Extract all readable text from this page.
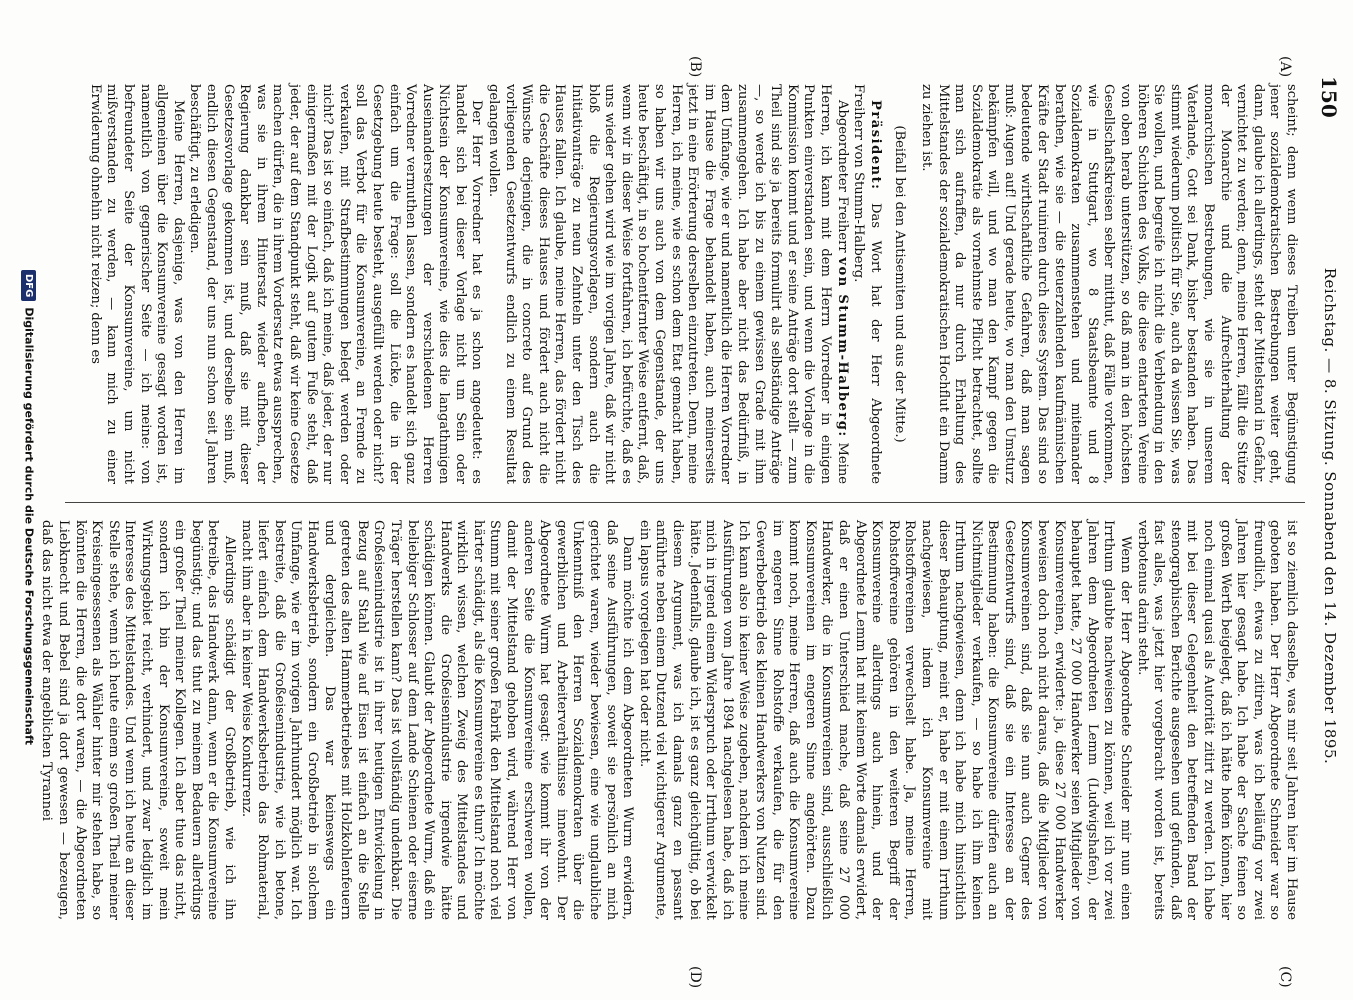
150
Reichstag. — 8. Sitzung. Sonnabend den 14. Dezember 1895.
(A)
(B)
(C)
(D)

scheint; denn wenn dieses Treiben unter Begünstigung jener sozialdemokratischen Bestrebungen weiter geht, dann, glaube ich allerdings, steht der Mittelstand in Gefahr, vernichtet zu werden; denn, meine Herren, fällt die Stütze der Monarchie und die Aufrechterhaltung der monarchischen Bestrebungen, wie sie in unserem Vaterlande, Gott sei Dank, bisher bestanden haben. Das stimmt wiederum politisch für Sie, auch da wissen Sie, was Sie wollen, und begreife ich nicht die Verblendung in den höheren Schichten des Volks, die diese entarteten Vereine von oben herab unterstützen, so daß man in den höchsten Gesellschaftskreisen selber mitthut, daß Fälle vorkommen, wie in Stuttgart, wo 8 Staatsbeamte und 8 Sozialdemokraten zusammenstehen und miteinander berathen, wie sie — die steuerzahlenden kaufmännischen Kräfte der Stadt ruiniren durch dieses System. Das sind so bedeutende wirthschaftliche Gefahren, daß man sagen muß: Augen auf! Und gerade heute, wo man den Umsturz bekämpfen will, und wo man den Kampf gegen die Sozialdemokratie als vornehmste Pflicht betrachtet, sollte man sich aufraffen, da nur durch Erhaltung des Mittelstandes der sozialdemokratischen Hochflut ein Damm zu ziehen ist.

(Beifall bei den Antisemiten und aus der Mitte.)

Präsident: Das Wort hat der Herr Abgeordnete Freiherr von Stumm-Halberg.

Abgeordneter Freiherr von Stumm-Halberg: Meine Herren, ich kann mit dem Herrn Vorredner in einigen Punkten einverstanden sein, und wenn die Vorlage in die Kommission kommt und er seine Anträge dort stellt — zum Theil sind sie ja bereits formulirt als selbständige Anträge —, so werde ich bis zu einem gewissen Grade mit ihm zusammengehen. Ich habe aber nicht das Bedürfniß, in dem Umfange, wie er und namentlich die Herren Vorredner im Hause die Frage behandelt haben, auch meinerseits jetzt in eine Erörterung derselben einzutreten. Denn, meine Herren, ich meine, wie es schon dem Etat gemacht haben, so haben wir uns auch von dem Gegenstande, der uns heute beschäftigt, in so hochentfernter Weise entfernt, daß, wenn wir in dieser Weise fortfahren, ich befürchte, daß es uns wieder gehen wird wie im vorigen Jahre, daß wir nicht bloß die Regierungsvorlagen, sondern auch die Initiativanträge zu neun Zehnteln unter den Tisch des Hauses fallen. Ich glaube, meine Herren, das fördert nicht die Geschäfte dieses Hauses und fördert auch nicht die Wünsche derjenigen, die in concreto auf Grund des vorliegenden Gesetzentwurfs endlich zu einem Resultat gelangen wollen.

Der Herr Vorredner hat es ja schon angedeutet: es handelt sich bei dieser Vorlage nicht um Sein oder Nichtsein der Konsumvereine, wie dies die langathmigen Auseinandersetzungen der verschiedenen Herren Vorredner vermuthen lassen, sondern es handelt sich ganz einfach um die Frage: soll die Lücke, die in der Gesetzgebung heute besteht, ausgefüllt werden oder nicht? soll das Verbot für die Konsumvereine, an Fremde zu verkaufen, mit Strafbestimmungen belegt werden oder nicht? Das ist so einfach, daß ich meine, daß jeder, der nur einigermaßen mit der Logik auf gutem Fuße steht, daß jeder, der auf dem Standpunkt steht, daß wir keine Gesetze machen dürfen, die in ihrem Vordersatz etwas aussprechen, was sie in ihrem Hintersatz wieder aufheben, der Regierung dankbar sein muß, daß sie mit dieser Gesetzesvorlage gekommen ist, und derselbe sein muß, endlich diesen Gegenstand, der uns nun schon seit Jahren beschäftigt, zu erledigen.

Meine Herren, dasjenige, was von den Herren im allgemeinen über die Konsumvereine gesagt worden ist, namentlich von gegnerischer Seite — ich meine: von befreundeter Seite der Konsumvereine, um nicht mißverstanden zu werden, — kann mich zu einer Erwiderung ohnehin nicht reizen; denn es

ist so ziemlich dasselbe, was mir seit Jahren hier im Hause geboten haben. Der Herr Abgeordnete Schneider war so freundlich, etwas zu zitiren, was ich beiläufig vor zwei Jahren hier gesagt habe. Ich habe der Sache feinen so großen Werth beigelegt, daß ich hätte hoffen können, hier noch einmal quasi als Autorität zitirt zu werden. Ich habe mit bei dieser Gelegenheit den betreffenden Band der stenographischen Berichte ausgesehen und gefunden, daß fast alles, was jetzt hier vorgebracht worden ist, bereits verbotenus darin steht.

Wenn der Herr Abgeordnete Schneider mir nun einen Irrthum glaubte nachweisen zu können, weil ich vor zwei Jahren dem Abgeordneten Lemm (Ludwigshafen), der behauptet hatte, 27 000 Handwerker seien Mitglieder von Konsumvereinen, erwiderte: ja, diese 27 000 Handwerker beweisen doch noch nicht daraus, daß die Mitglieder von Konsumvereinen sind, daß sie nun auch Gegner des Gesetzentwurfs sind, daß sie ein Interesse an der Bestimmung haben: die Konsumvereine dürfen auch an Nichtmitglieder verkaufen, — so habe ich ihm keinen Irrthum nachgewiesen, denn ich habe mich hinsichtlich dieser Behauptung, meint er, habe er mit einem Irrthum nachgewiesen, indem ich Konsumvereine mit Rohstoffvereinen verwechselt habe. Ja, meine Herren, Rohstoffvereine gehören in den weiteren Begriff der Konsumvereine allerdings auch hinein, und der Abgeordnete Lemm hat mit keinem Worte damals erwidert, daß er einen Unterschied mache, daß seine 27 000 Handwerker, die in Konsumvereinen sind, ausschließlich Konsumvereinen im engeren Sinne angehörten. Dazu kommt noch, meine Herren, daß auch die Konsumvereine im engeren Sinne Rohstoffe verkaufen, die für den Gewerbebetrieb des kleinen Handwerkers von Nutzen sind. Ich kann also in keiner Weise zugeben, nachdem ich meine Ausführungen vom Jahre 1894 nachgelesen habe, daß ich mich in irgend einem Widerspruch oder Irrthum verwickelt hätte. Jedenfalls, glaube ich, ist es ganz gleichgültig, ob bei diesem Argument, was ich damals ganz en passant anführte neben einem Dutzend viel wichtigerer Argumente, ein lapsus vorgelegen hat oder nicht.

Dann möchte ich dem Abgeordneten Wurm erwidern, daß seine Ausführungen, soweit sie persönlich an mich gerichtet waren, wieder bewiesen, eine wie unglaubliche Unkenntniß den Herren Sozialdemokraten über die gewerblichen und Arbeiterverhältnisse innewohnt. Der Abgeordnete Wurm hat gesagt: wie kommt ihr von der anderen Seite die Konsumvereine erschweren wollen, damit der Mittelstand gehoben wird, während Herr von Stumm mit seiner großen Fabrik den Mittelstand noch viel härter schädigt, als die Konsumvereine es thun? Ich möchte wirklich wissen, welchen Zweig des Mittelstandes und Handwerks die Großeisenindustrie irgendwie hätte schädigen können. Glaubt der Abgeordnete Wurm, daß ein beliebiger Schlosser auf dem Lande Schienen oder eiserne Träger herstellen kann? Das ist vollständig undenkbar. Die Großeisenindustrie ist in ihrer heutigen Entwickelung in Bezug auf Stahl wie auf Eisen ist einfach an die Stelle getreten des alten Hammerbetriebes mit Holzkohlenfeuern und dergleichen. Das war keineswegs ein Handwerksbetrieb, sondern ein Großbetrieb in solchem Umfange, wie er im vorigen Jahrhundert möglich war. Ich bestreite, daß die Großeisenindustrie, wie ich betone, liefert einfach dem Handwerksbetrieb das Rohmaterial, macht ihm aber in keiner Weise Konkurrenz.

Allerdings schädigt der Großbetrieb, wie ich ihn betreibe, das Handwerk dann, wenn er die Konsumvereine begünstigt; und das thut zu meinem Bedauern allerdings ein großer Theil meiner Kollegen. Ich aber thue das nicht, sondern ich bin der Konsumvereine, soweit mein Wirkungsgebiet reicht, verhindert, und zwar lediglich im Interesse des Mittelstandes. Und wenn ich heute an dieser Stelle stehe, wenn ich heute einem so großen Theil meiner Kreiseingesessenen als Wähler hinter mir stehen habe, so könnten die Herren, die dort waren, — die Abgeordneten Liebknecht und Bebel sind ja dort gewesen — bezeugen, daß das nicht etwa der angeblichen Tyrannei

DFGDigitalisierung gefördert durch die Deutsche Forschungsgemeinschaft
